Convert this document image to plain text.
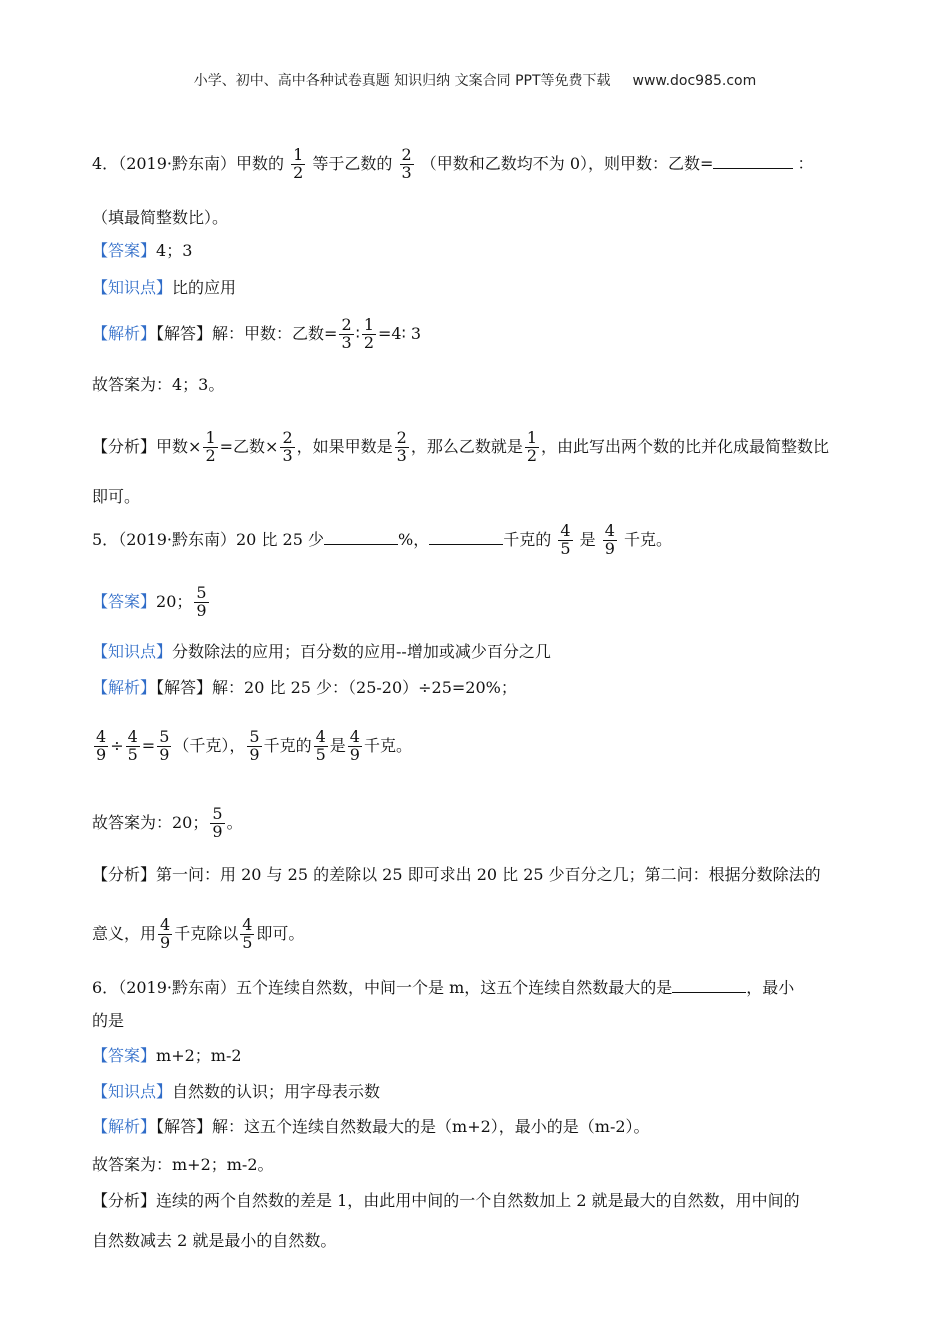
小学、初中、高中各种试卷真题 知识归纳 文案合同 PPT等免费下载 www.doc985.com
4．（2019·黔东南）甲数的 $\frac{1}{2}$ 等于乙数的 $\frac{2}{3}$ （甲数和乙数均不为 0），则甲数：乙数=	：
（填最简整数比）。
【答案】4；3
【知识点】比的应用
【解析】【解答】解：甲数：乙数= $\frac{2}{3}$ ∶ $\frac{1}{2}$ =4∶ 3
故答案为：4；3。
【分析】甲数× $\frac{1}{2}$ =乙数× $\frac{2}{3}$ ，如果甲数是 $\frac{2}{3}$ ，那么乙数就是 $\frac{1}{2}$ ，由此写出两个数的比并化成最简整数比
即可。
5．（2019·黔东南）20 比 25 少	%，	千克的 $\frac{4}{5}$ 是 $\frac{4}{9}$ 千克。
【答案】20； $\frac{5}{9}$
【知识点】分数除法的应用；百分数的应用--增加或减少百分之几
【解析】【解答】解：20 比 25 少：（25-20）÷25=20%；
$\frac{4}{9} \div \frac{4}{5} = \frac{5}{9}$ （千克）， $\frac{5}{9}$ 千克的 $\frac{4}{5}$ 是 $\frac{4}{9}$ 千克。
故答案为：20； $\frac{5}{9}$ 。
【分析】第一问：用 20 与 25 的差除以 25 即可求出 20 比 25 少百分之几；第二问：根据分数除法的
意义，用 $\frac{4}{9}$ 千克除以 $\frac{4}{5}$ 即可。
6．（2019·黔东南）五个连续自然数，中间一个是 m，这五个连续自然数最大的是	，最小
的是
【答案】m+2；m-2
【知识点】自然数的认识；用字母表示数
【解析】【解答】解：这五个连续自然数最大的是（m+2），最小的是（m-2）。
故答案为：m+2；m-2。
【分析】连续的两个自然数的差是 1，由此用中间的一个自然数加上 2 就是最大的自然数，用中间的
自然数减去 2 就是最小的自然数。
